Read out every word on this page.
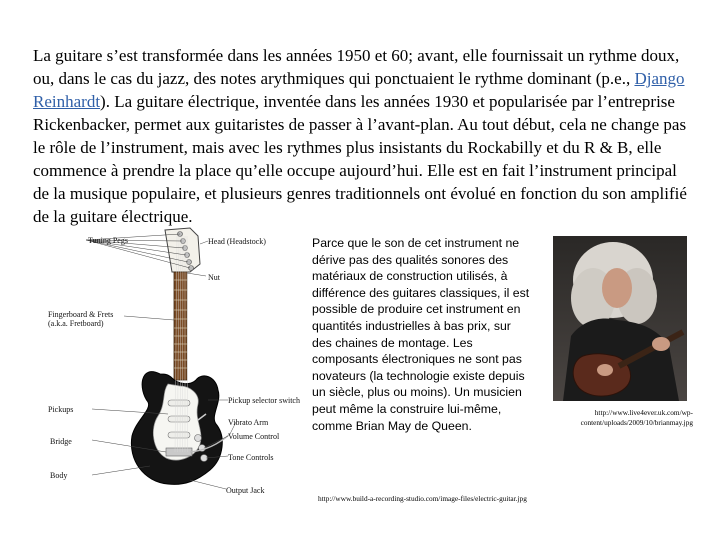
La guitare s’est transformée dans les années 1950 et 60; avant, elle fournissait un rythme doux, ou, dans le cas du jazz, des notes arythmiques qui ponctuaient le rythme dominant (p.e., Django Reinhardt). La guitare électrique, inventée dans les années 1930 et popularisée par l’entreprise Rickenbacker, permet aux guitaristes de passer à l’avant-plan. Au tout début, cela ne change pas le rôle de l’instrument, mais avec les rythmes plus insistants du Rockabilly et du R & B, elle commence à prendre la place qu’elle occupe aujourd’hui. Elle est en fait l’instrument principal de la musique populaire, et plusieurs genres traditionnels ont évolué en fonction du son amplifié de la guitare électrique.

Tuning Pegs	Head (Headstock)
Nut
Fingerboard & Frets
(a.k.a. Fretboard)
Pickup selector switch
Pickups
Vibrato Arm
Volume Control
Bridge
Tone Controls
Body
Output Jack

Parce que le son de cet instrument ne dérive pas des qualités sonores des matériaux de construction utilisés, à différence des guitares classiques, il est possible de produire cet instrument en quantités industrielles à bas prix, sur des chaines de montage. Les composants électroniques ne sont pas novateurs (la technologie existe depuis un siècle, plus ou moins). Un musicien peut même la construire lui-même, comme Brian May de Queen.

http://www.live4ever.uk.com/wp-
content/uploads/2009/10/brianmay.jpg
http://www.build-a-recording-studio.com/image-files/electric-guitar.jpg
